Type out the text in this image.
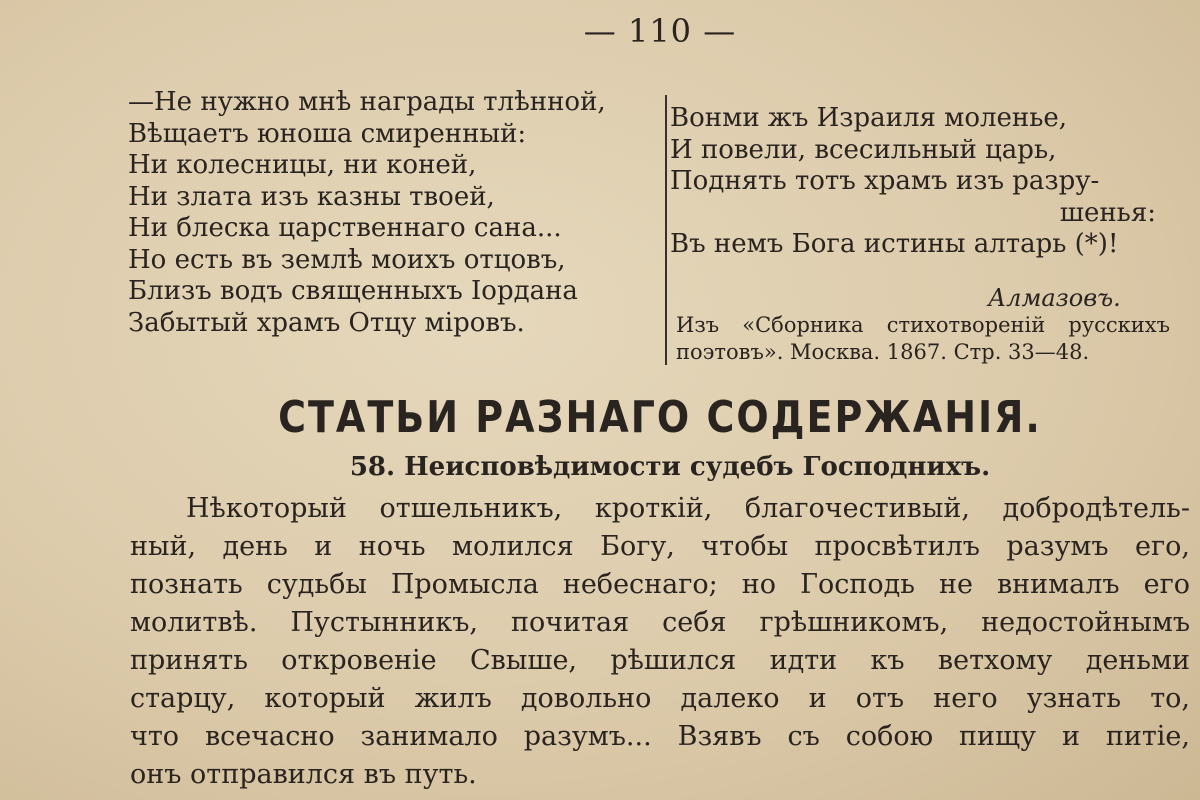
— 110 —
—Не нужно мнѣ награды тлѣнной,
Вѣщаетъ юноша смиренный:
Ни колесницы, ни коней,
Ни злата изъ казны твоей,
Ни блеска царственнаго сана...
Но есть въ землѣ моихъ отцовъ,
Близъ водъ священныхъ Іордана
Забытый храмъ Отцу міровъ.
Вонми жъ Израиля моленье,
И повели, всесильный царь,
Поднять тотъ храмъ изъ разру-
шенья:
Въ немъ Бога истины алтарь (*)!
Алмазовъ.
Изъ «Сборника стихотвореній русскихъ поэтовъ». Москва. 1867. Стр. 33—48.
СТАТЬИ РАЗНАГО СОДЕРЖАНІЯ.
58. Неисповѣдимости судебъ Господнихъ.
Нѣкоторый отшельникъ, кроткій, благочестивый, добродѣтель-
ный, день и ночь молился Богу, чтобы просвѣтилъ разумъ его,
познать судьбы Промысла небеснаго; но Господь не внималъ его
молитвѣ. Пустынникъ, почитая себя грѣшникомъ, недостойнымъ
принять откровеніе Свыше, рѣшился идти къ ветхому деньми
старцу, который жилъ довольно далеко и отъ него узнать то,
что всечасно занимало разумъ... Взявъ съ собою пищу и питіе,
онъ отправился въ путь.
